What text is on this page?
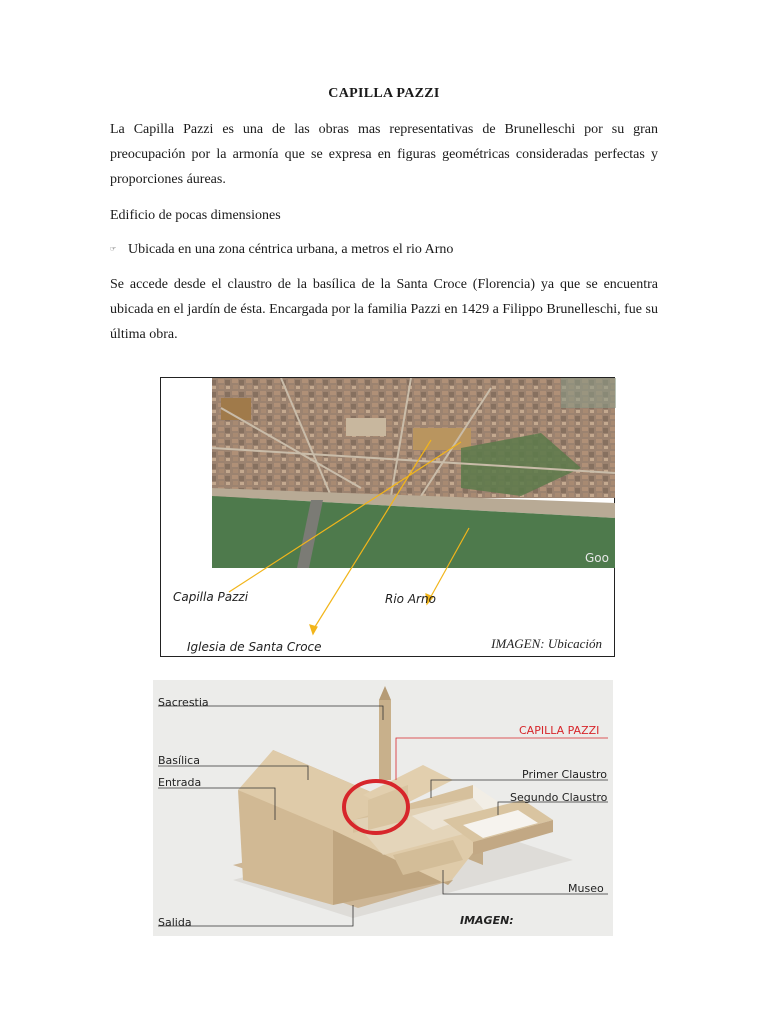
CAPILLA PAZZI
La Capilla Pazzi es una de las obras mas representativas de Brunelleschi por su gran preocupación por la armonía que se expresa en figuras geométricas consideradas perfectas y proporciones áureas.
Edificio de pocas dimensiones
☞ Ubicada en una zona céntrica urbana, a metros el rio Arno
Se accede desde el claustro de la basílica de la Santa Croce (Florencia) ya que se encuentra ubicada en el jardín de ésta. Encargada por la familia Pazzi en 1429 a Filippo Brunelleschi, fue su última obra.
Goo
Capilla Pazzi	Rio Arno
Iglesia de Santa Croce	IMAGEN: Ubicación
Sacrestia
CAPILLA PAZZI
Basílica
Entrada
Primer Claustro
Segundo Claustro
Museo
Salida	IMAGEN:
